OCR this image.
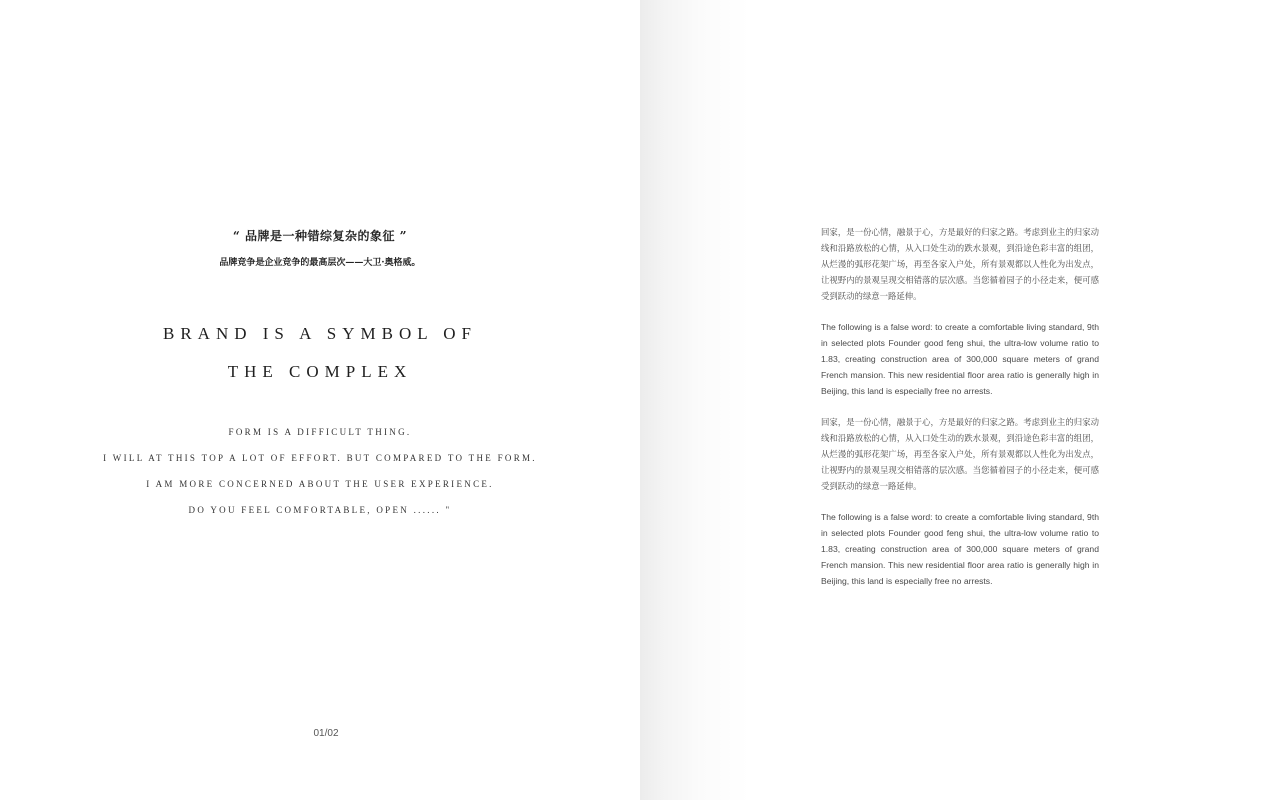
“ 品牌是一种错综复杂的象征 ”
品牌竞争是企业竞争的最高层次——大卫·奥格威。
BRAND IS A SYMBOL OF
THE COMPLEX
FORM IS A DIFFICULT THING.
I WILL AT THIS TOP A LOT OF EFFORT. BUT COMPARED TO THE FORM.
I AM MORE CONCERNED ABOUT THE USER EXPERIENCE.
DO YOU FEEL COMFORTABLE, OPEN ...... "
01/02

回家，是一份心情，融景于心，方是最好的归家之路。考虑到业主的归家动线和沿路放松的心情，从入口处生动的跌水景观，到沿途色彩丰富的组团，从烂漫的弧形花架广场，再至各家入户处，所有景观都以人性化为出发点，让视野内的景观呈现交相错落的层次感。当您循着园子的小径走来，便可感受到跃动的绿意一路延伸。

The following is a false word: to create a comfortable living standard, 9th in selected plots Founder good feng shui, the ultra-low volume ratio to 1.83, creating construction area of 300,000 square meters of grand French mansion. This new residential floor area ratio is generally high in Beijing, this land is especially free no arrests.

回家，是一份心情，融景于心，方是最好的归家之路。考虑到业主的归家动线和沿路放松的心情，从入口处生动的跌水景观，到沿途色彩丰富的组团，从烂漫的弧形花架广场，再至各家入户处，所有景观都以人性化为出发点，让视野内的景观呈现交相错落的层次感。当您循着园子的小径走来，便可感受到跃动的绿意一路延伸。

The following is a false word: to create a comfortable living standard, 9th in selected plots Founder good feng shui, the ultra-low volume ratio to 1.83, creating construction area of 300,000 square meters of grand French mansion. This new residential floor area ratio is generally high in Beijing, this land is especially free no arrests.
